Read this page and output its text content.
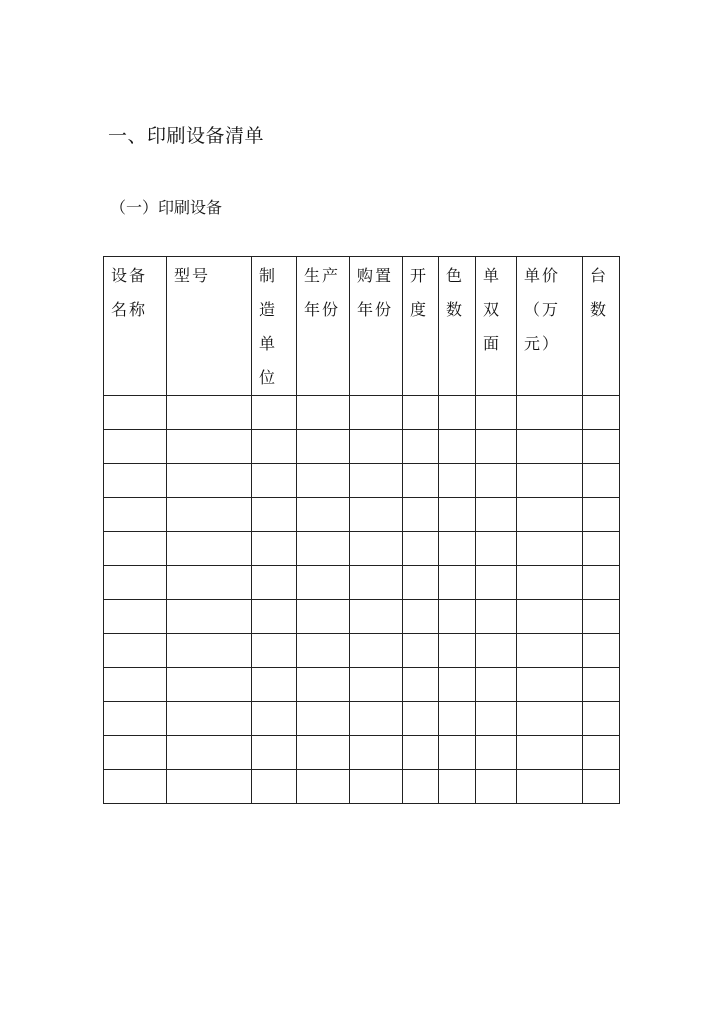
一、印刷设备清单
（一）印刷设备
设备名称	型号	制造单位	生产年份	购置年份	开度	色数	单双面	单价（万元）	台数
